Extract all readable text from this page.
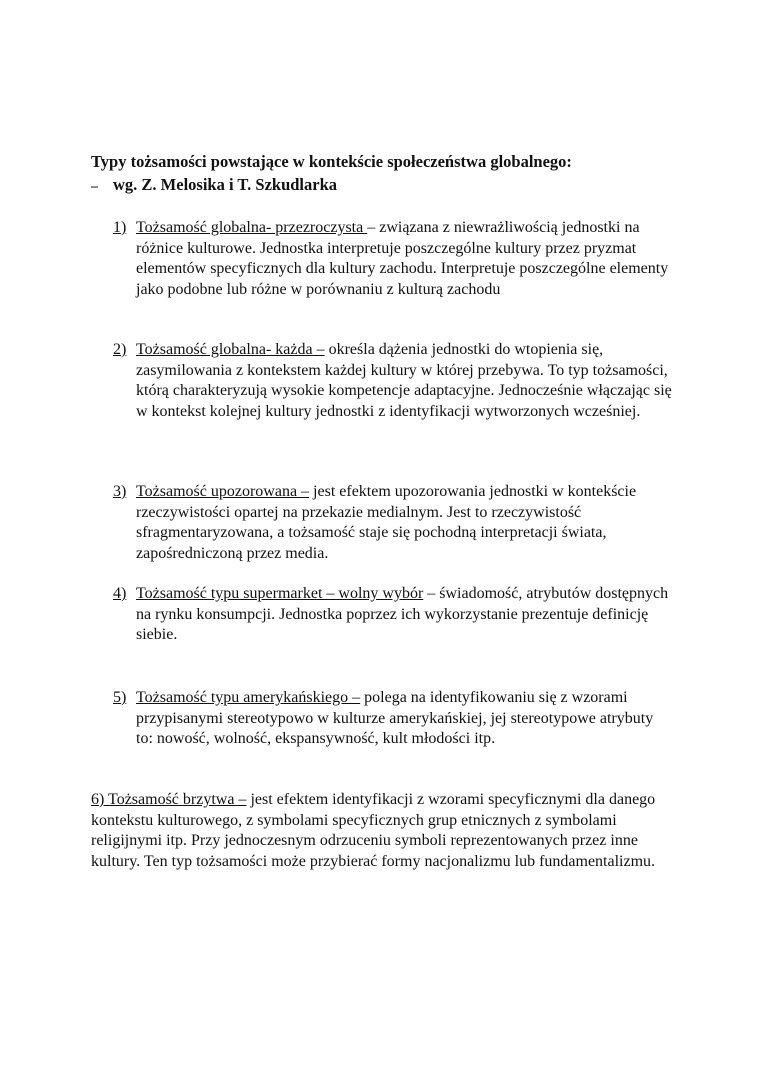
Typy tożsamości powstające w kontekście społeczeństwa globalnego:
– wg. Z. Melosika i T. Szkudlarka
1) Tożsamość globalna- przezroczysta – związana z niewrażliwością jednostki na różnice kulturowe. Jednostka interpretuje poszczególne kultury przez pryzmat elementów specyficznych dla kultury zachodu. Interpretuje poszczególne elementy jako podobne lub różne w porównaniu z kulturą zachodu
2) Tożsamość globalna- każda – określa dążenia jednostki do wtopienia się, zasymilowania z kontekstem każdej kultury w której przebywa. To typ tożsamości, którą charakteryzują wysokie kompetencje adaptacyjne. Jednocześnie włączając się w kontekst kolejnej kultury jednostki z identyfikacji wytworzonych wcześniej.
3) Tożsamość upozorowana – jest efektem upozorowania jednostki w kontekście rzeczywistości opartej na przekazie medialnym. Jest to rzeczywistość sfragmentaryzowana, a tożsamość staje się pochodną interpretacji świata, zapośredniczoną przez media.
4) Tożsamość typu supermarket – wolny wybór – świadomość, atrybutów dostępnych na rynku konsumpcji. Jednostka poprzez ich wykorzystanie prezentuje definicję siebie.
5) Tożsamość typu amerykańskiego – polega na identyfikowaniu się z wzorami przypisanymi stereotypowo w kulturze amerykańskiej, jej stereotypowe atrybuty to: nowość, wolność, ekspansywność, kult młodości itp.
6) Tożsamość brzytwa – jest efektem identyfikacji z wzorami specyficznymi dla danego kontekstu kulturowego, z symbolami specyficznych grup etnicznych z symbolami religijnymi itp. Przy jednoczesnym odrzuceniu symboli reprezentowanych przez inne kultury. Ten typ tożsamości może przybierać formy nacjonalizmu lub fundamentalizmu.
